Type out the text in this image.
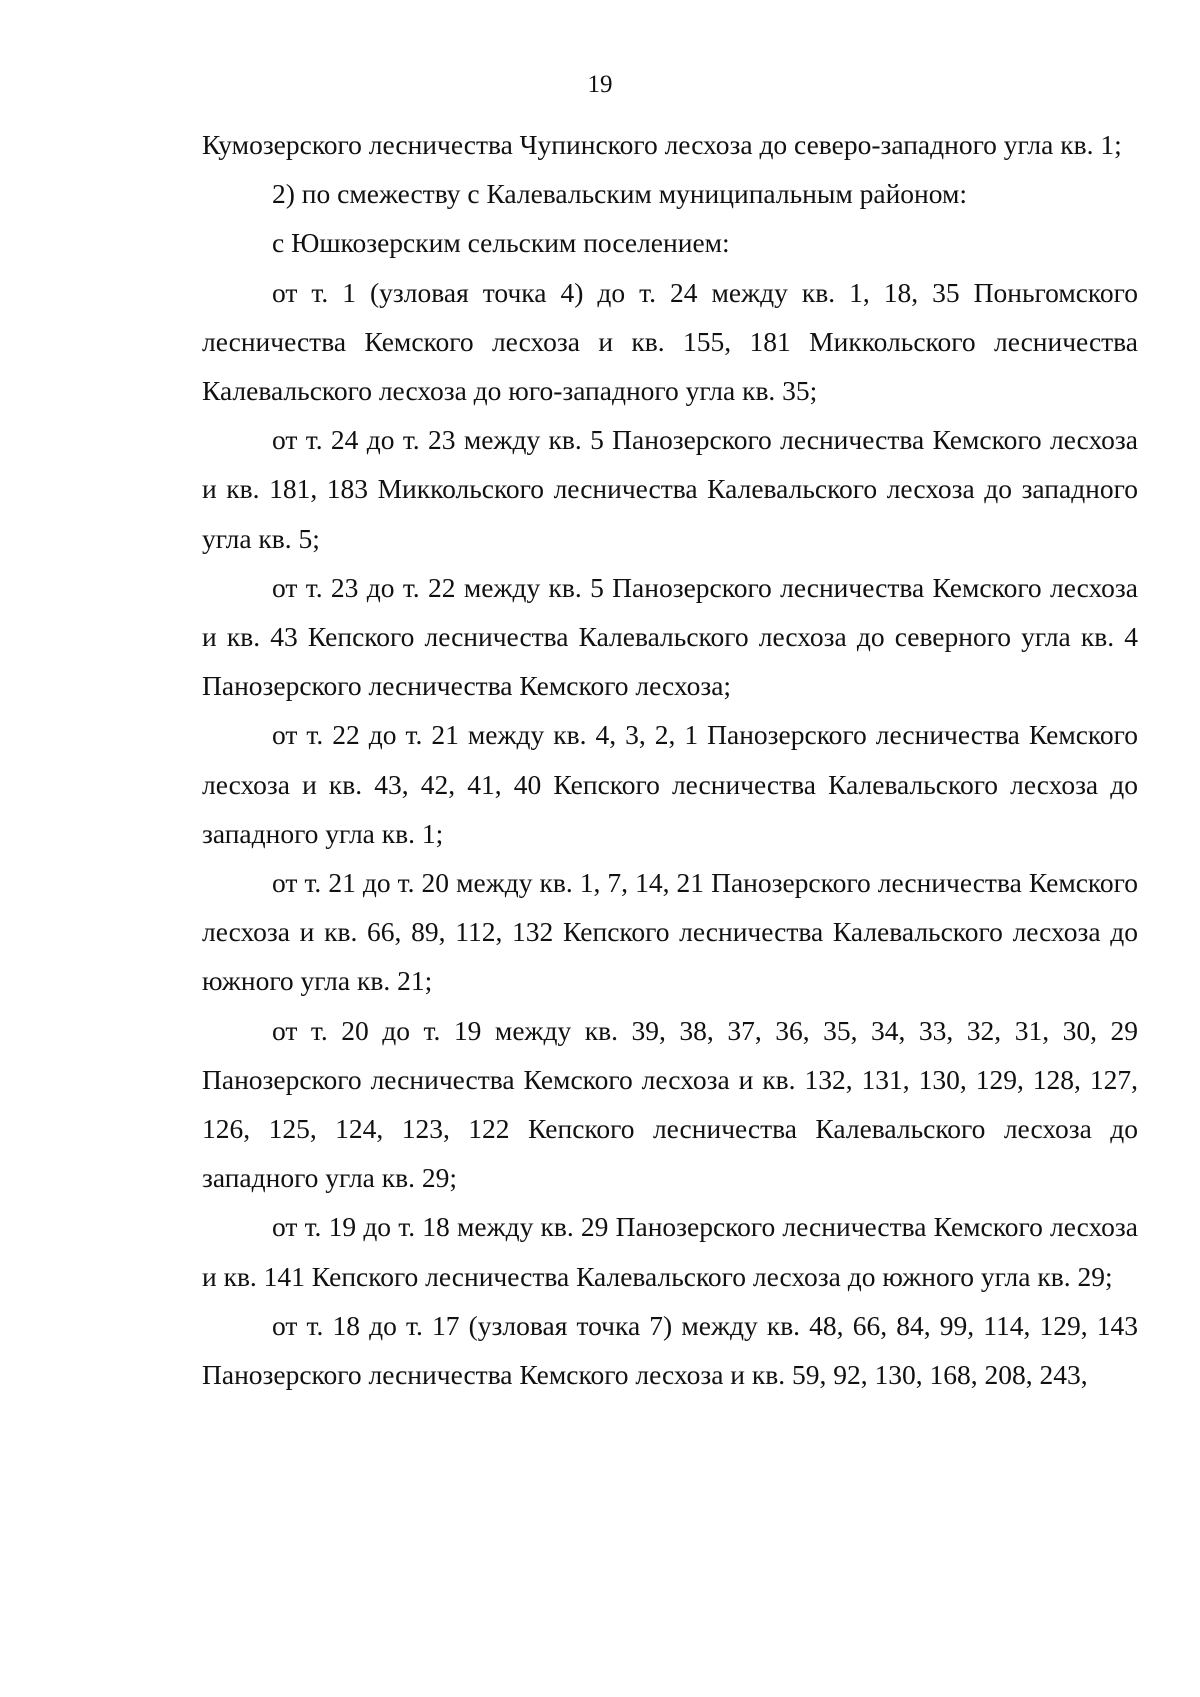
19

Кумозерского лесничества Чупинского лесхоза до северо-западного угла кв. 1;

2) по смежеству с Калевальским муниципальным районом:

с Юшкозерским сельским поселением:

от т. 1 (узловая точка 4) до т. 24 между кв. 1, 18, 35 Поньгомского лесничества Кемского лесхоза и кв. 155, 181 Миккольского лесничества Калевальского лесхоза до юго-западного угла кв. 35;

от т. 24 до т. 23 между кв. 5 Панозерского лесничества Кемского лесхоза и кв. 181, 183 Миккольского лесничества Калевальского лесхоза до западного угла кв. 5;

от т. 23 до т. 22 между кв. 5 Панозерского лесничества Кемского лесхоза и кв. 43 Кепского лесничества Калевальского лесхоза до северного угла кв. 4 Панозерского лесничества Кемского лесхоза;

от т. 22 до т. 21 между кв. 4, 3, 2, 1 Панозерского лесничества Кемского лесхоза и кв. 43, 42, 41, 40 Кепского лесничества Калевальского лесхоза до западного угла кв. 1;

от т. 21 до т. 20 между кв. 1, 7, 14, 21 Панозерского лесничества Кемского лесхоза и кв. 66, 89, 112, 132 Кепского лесничества Калевальского лесхоза до южного угла кв. 21;

от т. 20 до т. 19 между кв. 39, 38, 37, 36, 35, 34, 33, 32, 31, 30, 29 Панозерского лесничества Кемского лесхоза и кв. 132, 131, 130, 129, 128, 127, 126, 125, 124, 123, 122 Кепского лесничества Калевальского лесхоза до западного угла кв. 29;

от т. 19 до т. 18 между кв. 29 Панозерского лесничества Кемского лесхоза и кв. 141 Кепского лесничества Калевальского лесхоза до южного угла кв. 29;

от т. 18 до т. 17 (узловая точка 7) между кв. 48, 66, 84, 99, 114, 129, 143 Панозерского лесничества Кемского лесхоза и кв. 59, 92, 130, 168, 208, 243,
